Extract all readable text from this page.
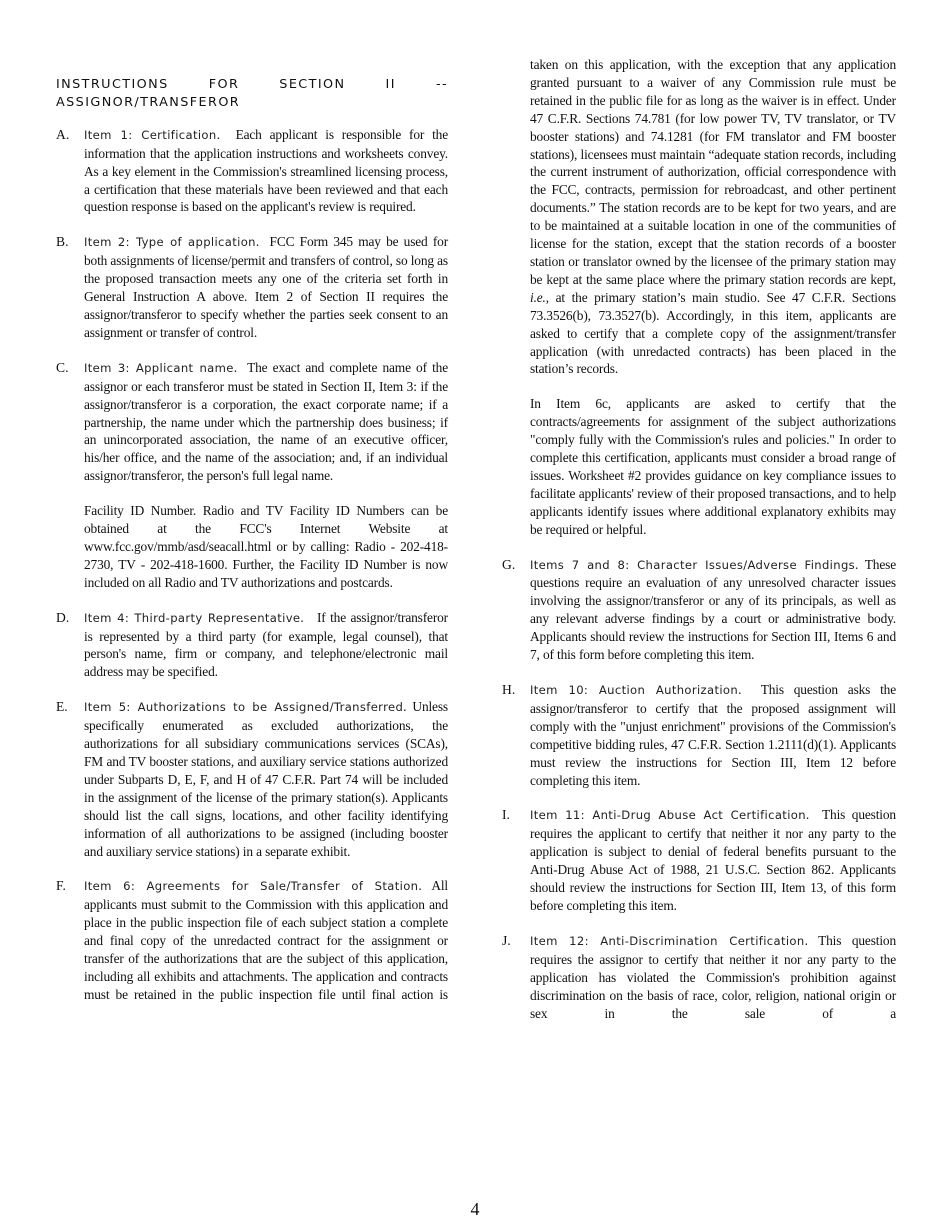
INSTRUCTIONS FOR SECTION II -- ASSIGNOR/TRANSFEROR
A. Item 1: Certification.  Each applicant is responsible for the information that the application instructions and worksheets convey. As a key element in the Commission's streamlined licensing process, a certification that these materials have been reviewed and that each question response is based on the applicant's review is required.

B. Item 2: Type of application.  FCC Form 345 may be used for both assignments of license/permit and transfers of control, so long as the proposed transaction meets any one of the criteria set forth in General Instruction A above. Item 2 of Section II requires the assignor/transferor to specify whether the parties seek consent to an assignment or transfer of control.

C. Item 3: Applicant name.  The exact and complete name of the assignor or each transferor must be stated in Section II, Item 3: if the assignor/transferor is a corporation, the exact corporate name; if a partnership, the name under which the partnership does business; if an unincorporated association, the name of an executive officer, his/her office, and the name of the association; and, if an individual assignor/transferor, the person's full legal name.

Facility ID Number. Radio and TV Facility ID Numbers can be obtained at the FCC's Internet Website at www.fcc.gov/mmb/asd/seacall.html or by calling: Radio - 202-418-2730, TV - 202-418-1600. Further, the Facility ID Number is now included on all Radio and TV authorizations and postcards.

D. Item 4: Third-party Representative.   If the assignor/transferor is represented by a third party (for example, legal counsel), that person's name, firm or company, and telephone/electronic mail address may be specified.

E. Item 5: Authorizations to be Assigned/Transferred. Unless specifically enumerated as excluded authorizations, the authorizations for all subsidiary communications services (SCAs), FM and TV booster stations, and auxiliary service stations authorized under Subparts D, E, F, and H of 47 C.F.R. Part 74 will be included in the assignment of the license of the primary station(s). Applicants should list the call signs, locations, and other facility identifying information of all authorizations to be assigned (including booster and auxiliary service stations) in a separate exhibit.

F. Item 6: Agreements for Sale/Transfer of Station. All applicants must submit to the Commission with this application and place in the public inspection file of each subject station a complete and final copy of the unredacted contract for the assignment or transfer of the authorizations that are the subject of this application, including all exhibits and attachments. The application and contracts must be retained in the public inspection file until final action is

taken on this application, with the exception that any application granted pursuant to a waiver of any Commission rule must be retained in the public file for as long as the waiver is in effect. Under 47 C.F.R. Sections 74.781 (for low power TV, TV translator, or TV booster stations) and 74.1281 (for FM translator and FM booster stations), licensees must maintain “adequate station records, including the current instrument of authorization, official correspondence with the FCC, contracts, permission for rebroadcast, and other pertinent documents.” The station records are to be kept for two years, and are to be maintained at a suitable location in one of the communities of license for the station, except that the station records of a booster station or translator owned by the licensee of the primary station may be kept at the same place where the primary station records are kept, i.e., at the primary station’s main studio. See 47 C.F.R. Sections 73.3526(b), 73.3527(b). Accordingly, in this item, applicants are asked to certify that a complete copy of the assignment/transfer application (with unredacted contracts) has been placed in the station’s records.

In Item 6c, applicants are asked to certify that the contracts/agreements for assignment of the subject authorizations "comply fully with the Commission's rules and policies." In order to complete this certification, applicants must consider a broad range of issues. Worksheet #2 provides guidance on key compliance issues to facilitate applicants' review of their proposed transactions, and to help applicants identify issues where additional explanatory exhibits may be required or helpful.

G. Items 7 and 8: Character Issues/Adverse Findings. These questions require an evaluation of any unresolved character issues involving the assignor/transferor or any of its principals, as well as any relevant adverse findings by a court or administrative body. Applicants should review the instructions for Section III, Items 6 and 7, of this form before completing this item.

H. Item 10: Auction Authorization.  This question asks the assignor/transferor to certify that the proposed assignment will comply with the "unjust enrichment" provisions of the Commission's competitive bidding rules, 47 C.F.R. Section 1.2111(d)(1). Applicants must review the instructions for Section III, Item 12 before completing this item.

I. Item 11: Anti-Drug Abuse Act Certification.  This question requires the applicant to certify that neither it nor any party to the application is subject to denial of federal benefits pursuant to the Anti-Drug Abuse Act of 1988, 21 U.S.C. Section 862. Applicants should review the instructions for Section III, Item 13, of this form before completing this item.

J. Item 12: Anti-Discrimination Certification. This question requires the assignor to certify that neither it nor any party to the application has violated the Commission's prohibition against discrimination on the basis of race, color, religion, national origin or sex in the sale of a

4
